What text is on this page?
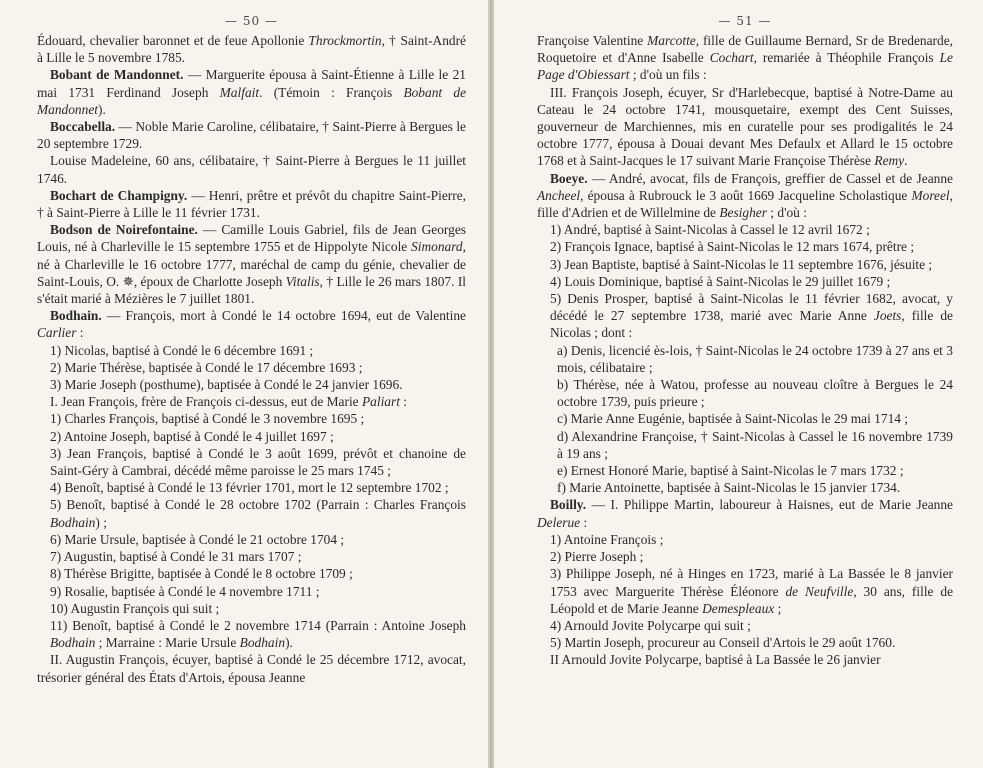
— 50 —

Édouard, chevalier baronnet et de feue Apollonie Throckmortin, † Saint-André à Lille le 5 novembre 1785.

Bobant de Mandonnet. — Marguerite épousa à Saint-Étienne à Lille le 21 mai 1731 Ferdinand Joseph Malfait. (Témoin : François Bobant de Mandonnet).

Boccabella. — Noble Marie Caroline, célibataire, † Saint-Pierre à Bergues le 20 septembre 1729.

Louise Madeleine, 60 ans, célibataire, † Saint-Pierre à Bergues le 11 juillet 1746.

Bochart de Champigny. — Henri, prêtre et prévôt du chapitre Saint-Pierre, † à Saint-Pierre à Lille le 11 février 1731.

Bodson de Noirefontaine. — Camille Louis Gabriel, fils de Jean Georges Louis, né à Charleville le 15 septembre 1755 et de Hippolyte Nicole Simonard, né à Charleville le 16 octobre 1777, maréchal de camp du génie, chevalier de Saint-Louis, O. ✵, époux de Charlotte Joseph Vitalis, † Lille le 26 mars 1807. Il s'était marié à Mézières le 7 juillet 1801.

Bodhain. — François, mort à Condé le 14 octobre 1694, eut de Valentine Carlier :

1) Nicolas, baptisé à Condé le 6 décembre 1691 ;

2) Marie Thérèse, baptisée à Condé le 17 décembre 1693 ;

3) Marie Joseph (posthume), baptisée à Condé le 24 janvier 1696.

I. Jean François, frère de François ci-dessus, eut de Marie Paliart :

1) Charles François, baptisé à Condé le 3 novembre 1695 ;

2) Antoine Joseph, baptisé à Condé le 4 juillet 1697 ;

3) Jean François, baptisé à Condé le 3 août 1699, prévôt et chanoine de Saint-Géry à Cambrai, décédé même paroisse le 25 mars 1745 ;

4) Benoît, baptisé à Condé le 13 février 1701, mort le 12 septembre 1702 ;

5) Benoît, baptisé à Condé le 28 octobre 1702 (Parrain : Charles François Bodhain) ;

6) Marie Ursule, baptisée à Condé le 21 octobre 1704 ;

7) Augustin, baptisé à Condé le 31 mars 1707 ;

8) Thérèse Brigitte, baptisée à Condé le 8 octobre 1709 ;

9) Rosalie, baptisée à Condé le 4 novembre 1711 ;

10) Augustin François qui suit ;

11) Benoît, baptisé à Condé le 2 novembre 1714 (Parrain : Antoine Joseph Bodhain ; Marraine : Marie Ursule Bodhain).

II. Augustin François, écuyer, baptisé à Condé le 25 décembre 1712, avocat, trésorier général des États d'Artois, épousa Jeanne

— 51 —

Françoise Valentine Marcotte, fille de Guillaume Bernard, Sr de Bredenarde, Roquetoire et d'Anne Isabelle Cochart, remariée à Théophile François Le Page d'Obiessart ; d'où un fils :

III. François Joseph, écuyer, Sr d'Harlebecque, baptisé à Notre-Dame au Cateau le 24 octobre 1741, mousquetaire, exempt des Cent Suisses, gouverneur de Marchiennes, mis en curatelle pour ses prodigalités le 24 octobre 1777, épousa à Douai devant Mes Defaulx et Allard le 15 octobre 1768 et à Saint-Jacques le 17 suivant Marie Françoise Thérèse Remy.

Boeye. — André, avocat, fils de François, greffier de Cassel et de Jeanne Ancheel, épousa à Rubrouck le 3 août 1669 Jacqueline Scholastique Moreel, fille d'Adrien et de Willelmine de Besigher ; d'où :

1) André, baptisé à Saint-Nicolas à Cassel le 12 avril 1672 ;

2) François Ignace, baptisé à Saint-Nicolas le 12 mars 1674, prêtre ;

3) Jean Baptiste, baptisé à Saint-Nicolas le 11 septembre 1676, jésuite ;

4) Louis Dominique, baptisé à Saint-Nicolas le 29 juillet 1679 ;

5) Denis Prosper, baptisé à Saint-Nicolas le 11 février 1682, avocat, y décédé le 27 septembre 1738, marié avec Marie Anne Joets, fille de Nicolas ; dont :

a) Denis, licencié ès-lois, † Saint-Nicolas le 24 octobre 1739 à 27 ans et 3 mois, célibataire ;

b) Thérèse, née à Watou, professe au nouveau cloître à Bergues le 24 octobre 1739, puis prieure ;

c) Marie Anne Eugénie, baptisée à Saint-Nicolas le 29 mai 1714 ;

d) Alexandrine Françoise, † Saint-Nicolas à Cassel le 16 novembre 1739 à 19 ans ;

e) Ernest Honoré Marie, baptisé à Saint-Nicolas le 7 mars 1732 ;

f) Marie Antoinette, baptisée à Saint-Nicolas le 15 janvier 1734.

Boilly. — I. Philippe Martin, laboureur à Haisnes, eut de Marie Jeanne Delerue :

1) Antoine François ;

2) Pierre Joseph ;

3) Philippe Joseph, né à Hinges en 1723, marié à La Bassée le 8 janvier 1753 avec Marguerite Thérèse Éléonore de Neufville, 30 ans, fille de Léopold et de Marie Jeanne Demespleaux ;

4) Arnould Jovite Polycarpe qui suit ;

5) Martin Joseph, procureur au Conseil d'Artois le 29 août 1760.

II Arnould Jovite Polycarpe, baptisé à La Bassée le 26 janvier
